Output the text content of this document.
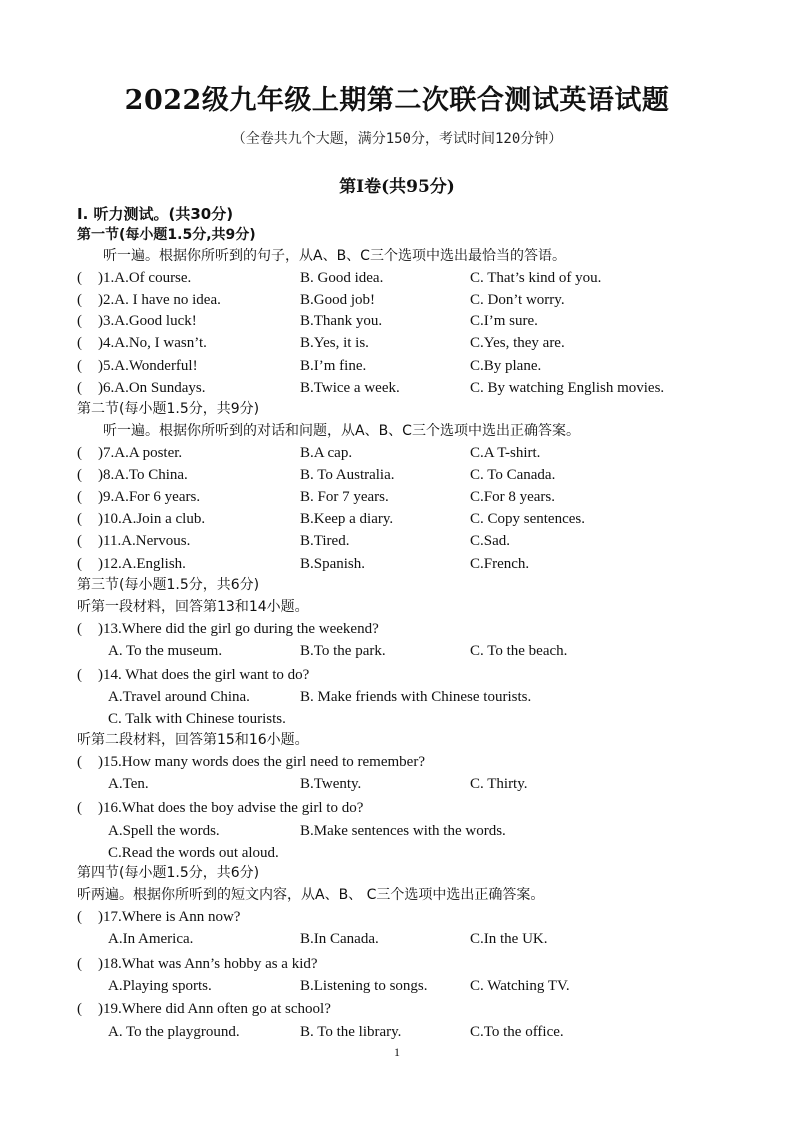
2022级九年级上期第二次联合测试英语试题
（全卷共九个大题，满分150分，考试时间120分钟）
第I卷(共95分)
I. 听力测试。(共30分)
第一节(每小题1.5分,共9分)
听一遍。根据你所听到的句子，从A、B、C三个选项中选出最恰当的答语。
( )1.A.Of course.	B. Good idea.	C. That’s kind of you.
( )2.A. I have no idea.	B.Good job!	C. Don’t worry.
( )3.A.Good luck!	B.Thank you.	C.I’m sure.
( )4.A.No, I wasn’t.	B.Yes, it is.	C.Yes, they are.
( )5.A.Wonderful!	B.I’m fine.	C.By plane.
( )6.A.On Sundays.	B.Twice a week.	C. By watching English movies.
第二节(每小题1.5分，共9分)
听一遍。根据你所听到的对话和问题，从A、B、C三个选项中选出正确答案。
( )7.A.A poster.	B.A cap.	C.A T-shirt.
( )8.A.To China.	B. To Australia.	C. To Canada.
( )9.A.For 6 years.	B. For 7 years.	C.For 8 years.
( )10.A.Join a club.	B.Keep a diary.	C. Copy sentences.
( )11.A.Nervous.	B.Tired.	C.Sad.
( )12.A.English.	B.Spanish.	C.French.
第三节(每小题1.5分，共6分)
听第一段材料，回答第13和14小题。
( )13.Where did the girl go during the weekend?
A. To the museum.	B.To the park.	C. To the beach.
( )14. What does the girl want to do?
A.Travel around China.	B. Make friends with Chinese tourists.
C. Talk with Chinese tourists.
听第二段材料，回答第15和16小题。
( )15.How many words does the girl need to remember?
A.Ten.	B.Twenty.	C. Thirty.
( )16.What does the boy advise the girl to do?
A.Spell the words.	B.Make sentences with the words.
C.Read the words out aloud.
第四节(每小题1.5分，共6分)
听两遍。根据你所听到的短文内容，从A、B、 C三个选项中选出正确答案。
( )17.Where is Ann now?
A.In America.	B.In Canada.	C.In the UK.
( )18.What was Ann’s hobby as a kid?
A.Playing sports.	B.Listening to songs.	C. Watching TV.
( )19.Where did Ann often go at school?
A. To the playground.	B. To the library.	C.To the office.
1
